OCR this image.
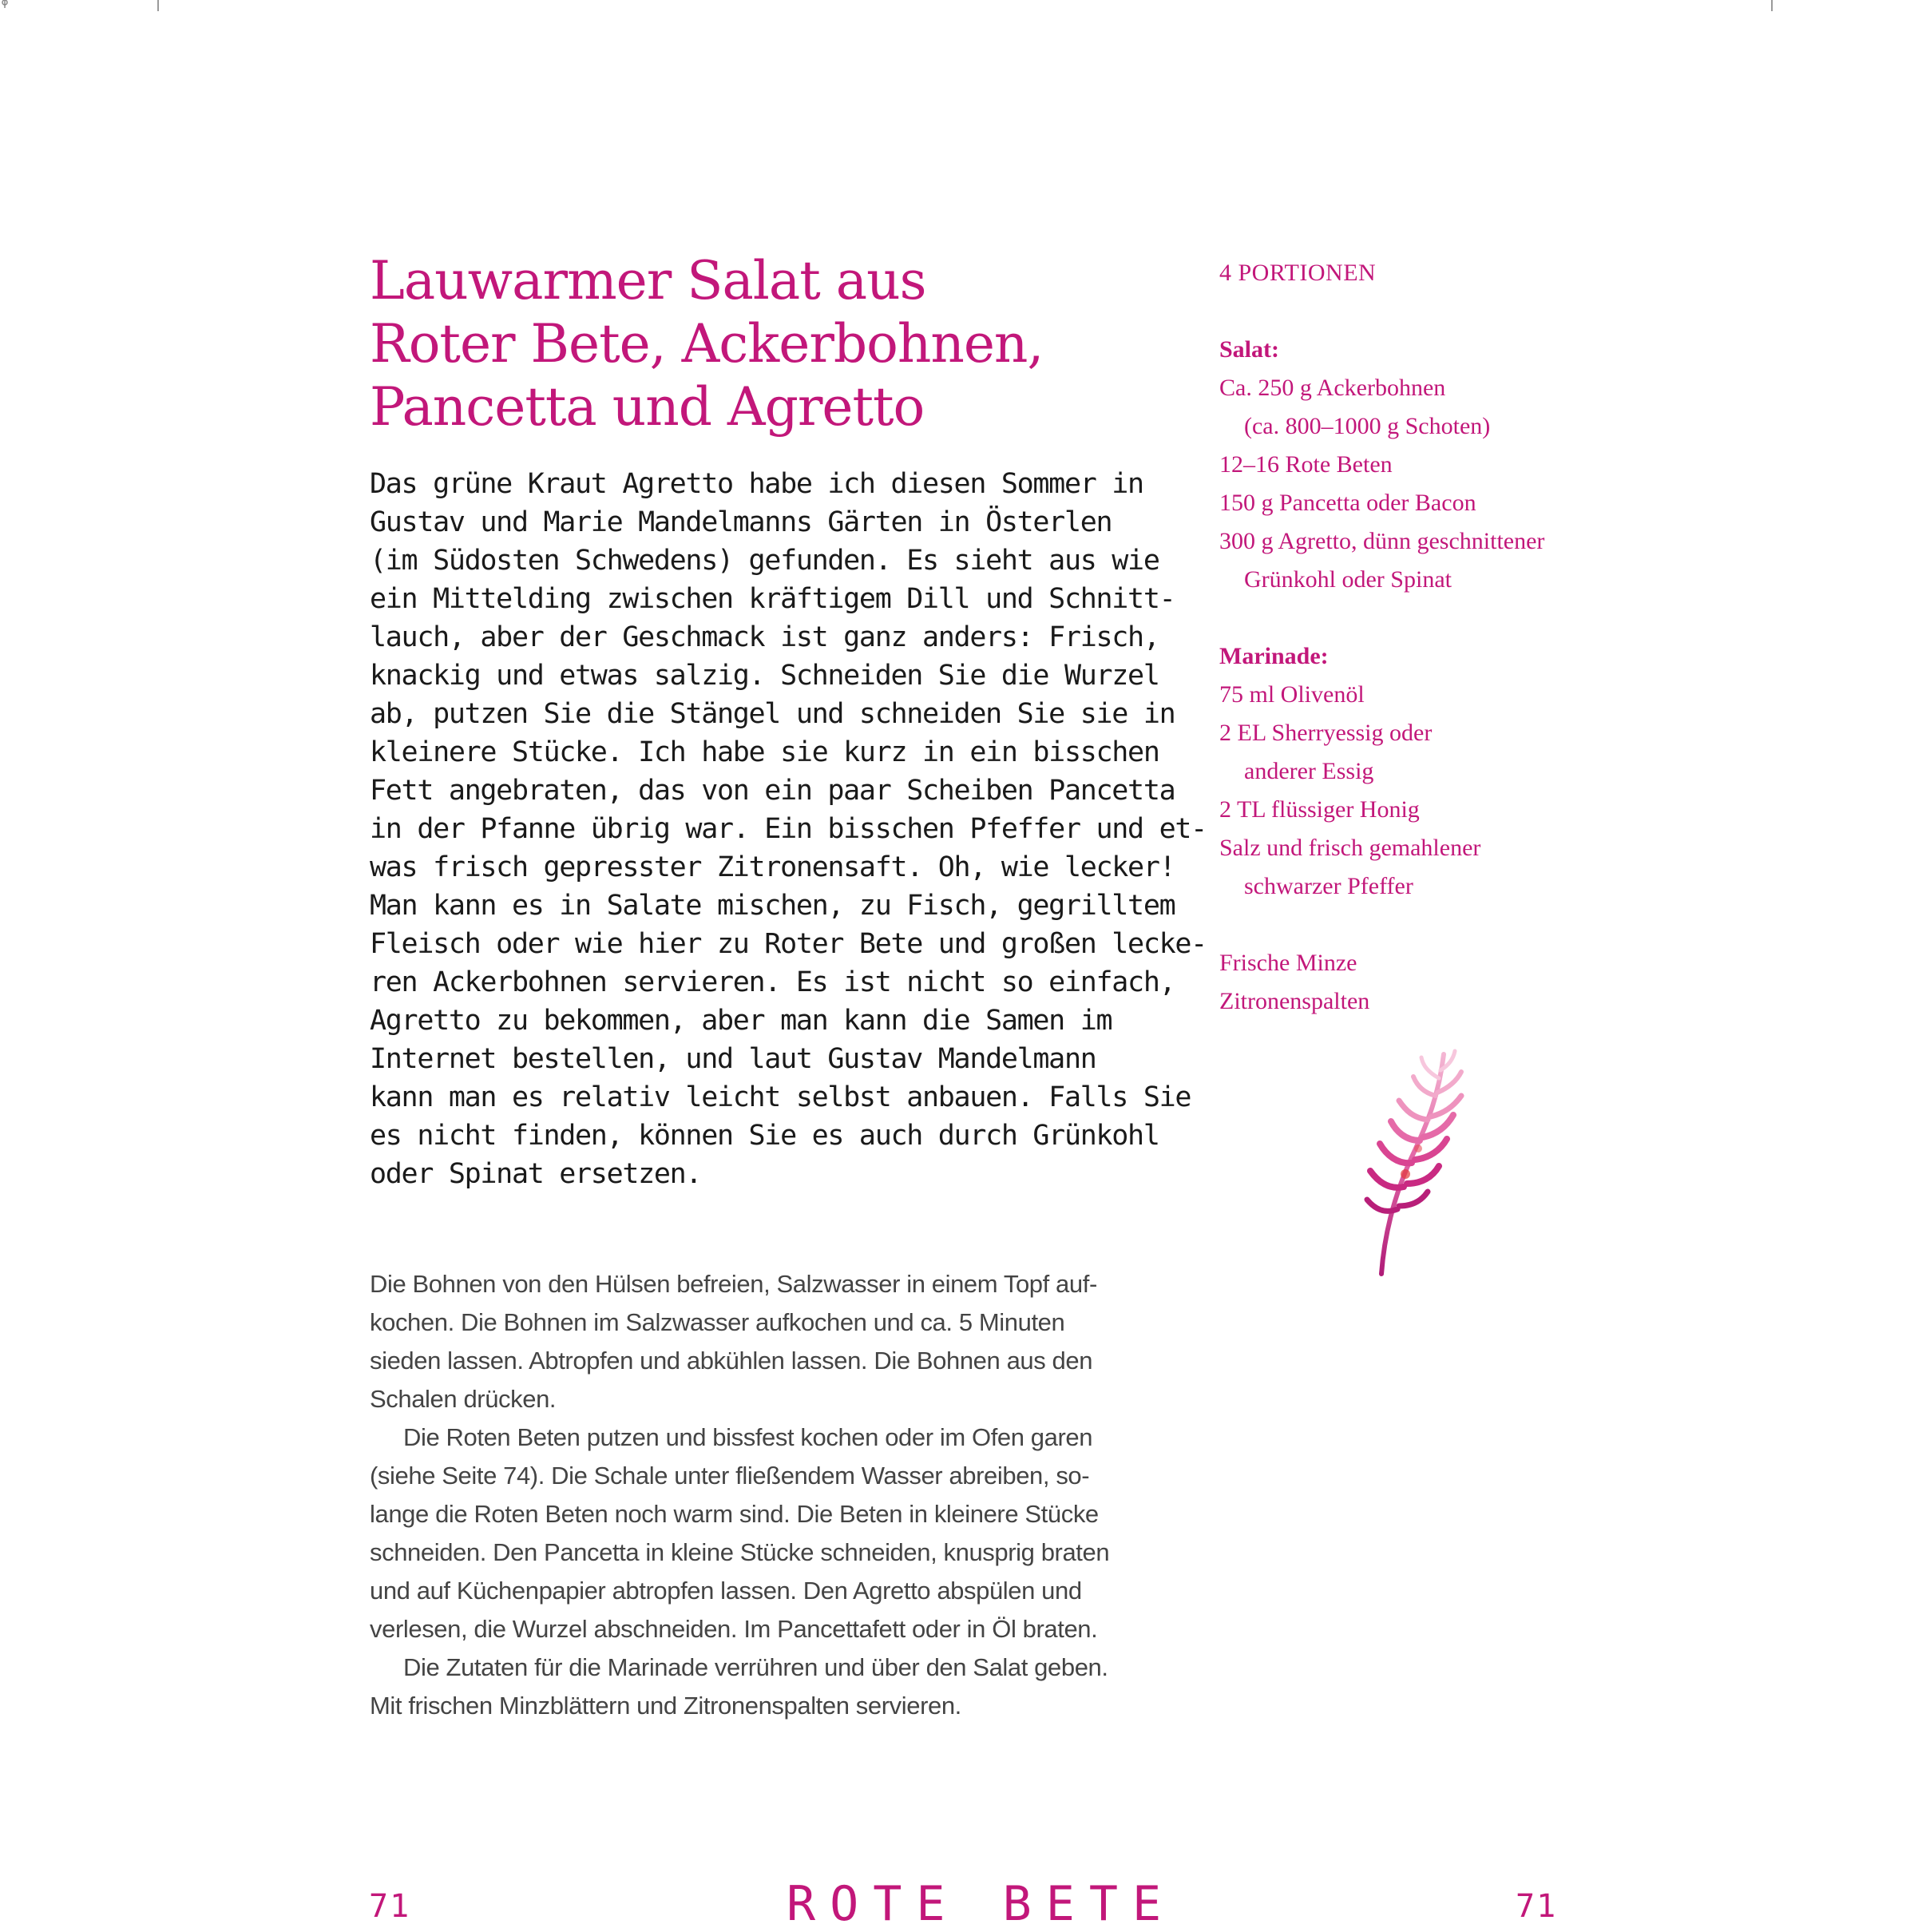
Lauwarmer Salat aus
Roter Bete, Ackerbohnen,
Pancetta und Agretto

Das grüne Kraut Agretto habe ich diesen Sommer in
Gustav und Marie Mandelmanns Gärten in Österlen
(im Südosten Schwedens) gefunden. Es sieht aus wie
ein Mittelding zwischen kräftigem Dill und Schnitt-
lauch, aber der Geschmack ist ganz anders: Frisch,
knackig und etwas salzig. Schneiden Sie die Wurzel
ab, putzen Sie die Stängel und schneiden Sie sie in
kleinere Stücke. Ich habe sie kurz in ein bisschen
Fett angebraten, das von ein paar Scheiben Pancetta
in der Pfanne übrig war. Ein bisschen Pfeffer und et-
was frisch gepresster Zitronensaft. Oh, wie lecker!
Man kann es in Salate mischen, zu Fisch, gegrilltem
Fleisch oder wie hier zu Roter Bete und großen lecke-
ren Ackerbohnen servieren. Es ist nicht so einfach,
Agretto zu bekommen, aber man kann die Samen im
Internet bestellen, und laut Gustav Mandelmann
kann man es relativ leicht selbst anbauen. Falls Sie
es nicht finden, können Sie es auch durch Grünkohl
oder Spinat ersetzen.

Die Bohnen von den Hülsen befreien, Salzwasser in einem Topf auf-
kochen. Die Bohnen im Salzwasser aufkochen und ca. 5 Minuten
sieden lassen. Abtropfen und abkühlen lassen. Die Bohnen aus den
Schalen drücken.

Die Roten Beten putzen und bissfest kochen oder im Ofen garen
(siehe Seite 74). Die Schale unter fließendem Wasser abreiben, so-
lange die Roten Beten noch warm sind. Die Beten in kleinere Stücke
schneiden. Den Pancetta in kleine Stücke schneiden, knusprig braten
und auf Küchenpapier abtropfen lassen. Den Agretto abspülen und
verlesen, die Wurzel abschneiden. Im Pancettafett oder in Öl braten.

Die Zutaten für die Marinade verrühren und über den Salat geben.
Mit frischen Minzblättern und Zitronenspalten servieren.

4 PORTIONEN

Salat:

Ca. 250 g Ackerbohnen
(ca. 800–1000 g Schoten)
12–16 Rote Beten
150 g Pancetta oder Bacon
300 g Agretto, dünn geschnittener
Grünkohl oder Spinat

Marinade:

75 ml Olivenöl
2 EL Sherryessig oder
anderer Essig
2 TL flüssiger Honig
Salz und frisch gemahlener
schwarzer Pfeffer
Frische Minze
Zitronenspalten
71	ROTE BETE	71
